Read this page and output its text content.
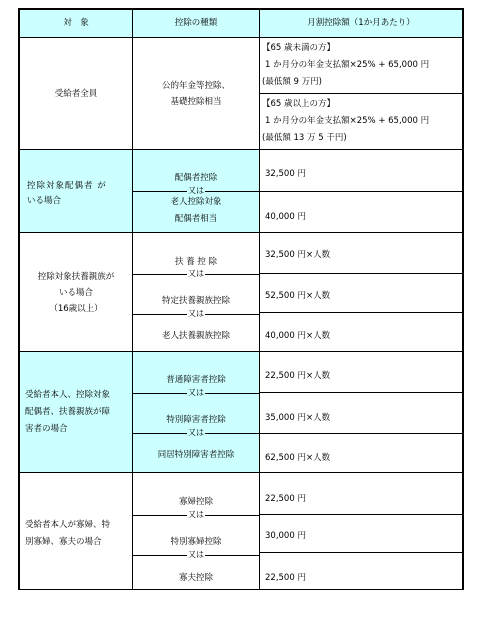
対　象	控除の種類	月割控除額（1か月あたり）
受給者全員
公的年金等控除、
基礎控除相当
【65 歳未満の方】
1 か月分の年金支払額×25% + 65,000 円
(最低額 9 万円)
【65 歳以上の方】
1 か月分の年金支払額×25% + 65,000 円
(最低額 13 万 5 千円)
控除対象配偶者 が
いる場合
配偶者控除
又は
老人控除対象
配偶者相当
32,500 円
40,000 円
控除対象扶養親族が
いる場合
（16歳以上）
扶 養 控 除
又は
特定扶養親族控除
又は
老人扶養親族控除
32,500 円×人数
52,500 円×人数
40,000 円×人数
受給者本人、控除対象
配偶者、扶養親族が障
害者の場合
普通障害者控除
又は
特別障害者控除
又は
同居特別障害者控除
22,500 円×人数
35,000 円×人数
62,500 円×人数
受給者本人が寡婦、特
別寡婦、寡夫の場合
寡婦控除
又は
特別寡婦控除
又は
寡夫控除
22,500 円
30,000 円
22,500 円
